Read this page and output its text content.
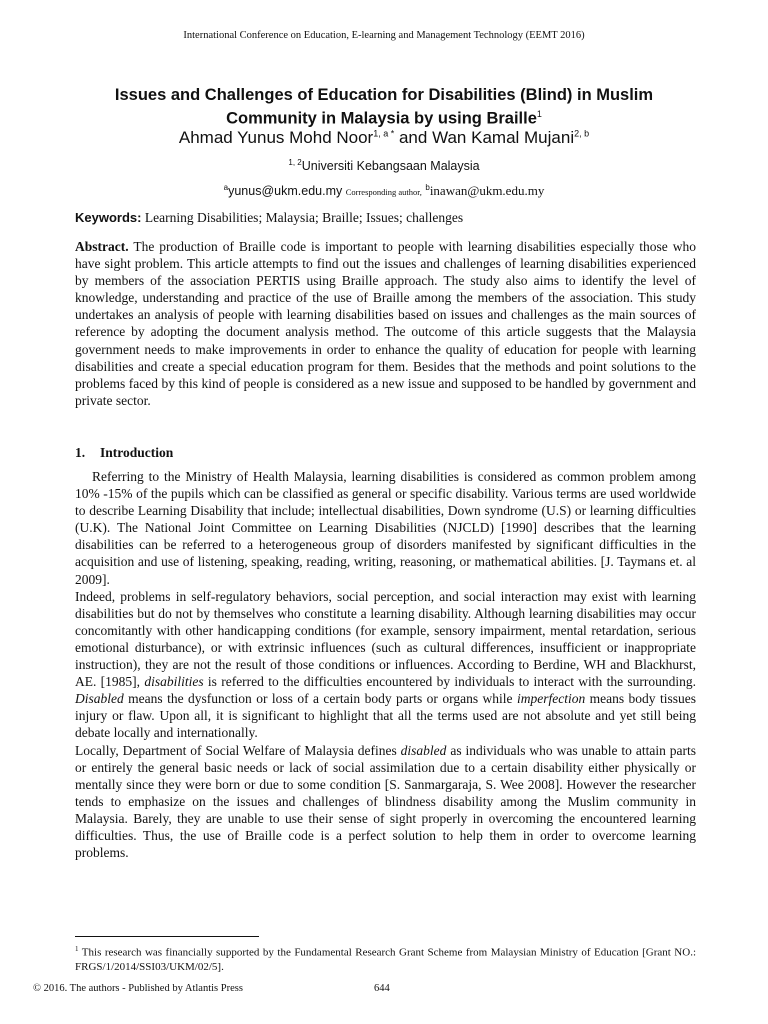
International Conference on Education, E-learning and Management Technology (EEMT 2016)
Issues and Challenges of Education for Disabilities (Blind) in Muslim
Community in Malaysia by using Braille$^1$
Ahmad Yunus Mohd Noor$^{1, a *}$ and Wan Kamal Mujani$^{2, b}$
$^{1, 2}$Universiti Kebangsaan Malaysia
$^a$yunus@ukm.edu.my Corresponding author, $^b$inawan@ukm.edu.my
Keywords: Learning Disabilities; Malaysia; Braille; Issues; challenges
Abstract. The production of Braille code is important to people with learning disabilities especially those who have sight problem. This article attempts to find out the issues and challenges of learning disabilities experienced by members of the association PERTIS using Braille approach. The study also aims to identify the level of knowledge, understanding and practice of the use of Braille among the members of the association. This study undertakes an analysis of people with learning disabilities based on issues and challenges as the main sources of reference by adopting the document analysis method. The outcome of this article suggests that the Malaysia government needs to make improvements in order to enhance the quality of education for people with learning disabilities and create a special education program for them. Besides that the methods and point solutions to the problems faced by this kind of people is considered as a new issue and supposed to be handled by government and private sector.
1. Introduction

Referring to the Ministry of Health Malaysia, learning disabilities is considered as common problem among 10% -15% of the pupils which can be classified as general or specific disability. Various terms are used worldwide to describe Learning Disability that include; intellectual disabilities, Down syndrome (U.S) or learning difficulties (U.K). The National Joint Committee on Learning Disabilities (NJCLD) [1990] describes that the learning disabilities can be referred to a heterogeneous group of disorders manifested by significant difficulties in the acquisition and use of listening, speaking, reading, writing, reasoning, or mathematical abilities. [J. Taymans et. al 2009].

Indeed, problems in self-regulatory behaviors, social perception, and social interaction may exist with learning disabilities but do not by themselves who constitute a learning disability. Although learning disabilities may occur concomitantly with other handicapping conditions (for example, sensory impairment, mental retardation, serious emotional disturbance), or with extrinsic influences (such as cultural differences, insufficient or inappropriate instruction), they are not the result of those conditions or influences. According to Berdine, WH and Blackhurst, AE. [1985], disabilities is referred to the difficulties encountered by individuals to interact with the surrounding. Disabled means the dysfunction or loss of a certain body parts or organs while imperfection means body tissues injury or flaw. Upon all, it is significant to highlight that all the terms used are not absolute and yet still being debate locally and internationally.

Locally, Department of Social Welfare of Malaysia defines disabled as individuals who was unable to attain parts or entirely the general basic needs or lack of social assimilation due to a certain disability either physically or mentally since they were born or due to some condition [S. Sanmargaraja, S. Wee 2008]. However the researcher tends to emphasize on the issues and challenges of blindness disability among the Muslim community in Malaysia. Barely, they are unable to use their sense of sight properly in overcoming the encountered learning difficulties. Thus, the use of Braille code is a perfect solution to help them in order to overcome learning problems.

$^1$ This research was financially supported by the Fundamental Research Grant Scheme from Malaysian Ministry of Education [Grant NO.: FRGS/1/2014/SSI03/UKM/02/5].
© 2016. The authors - Published by Atlantis Press	644
